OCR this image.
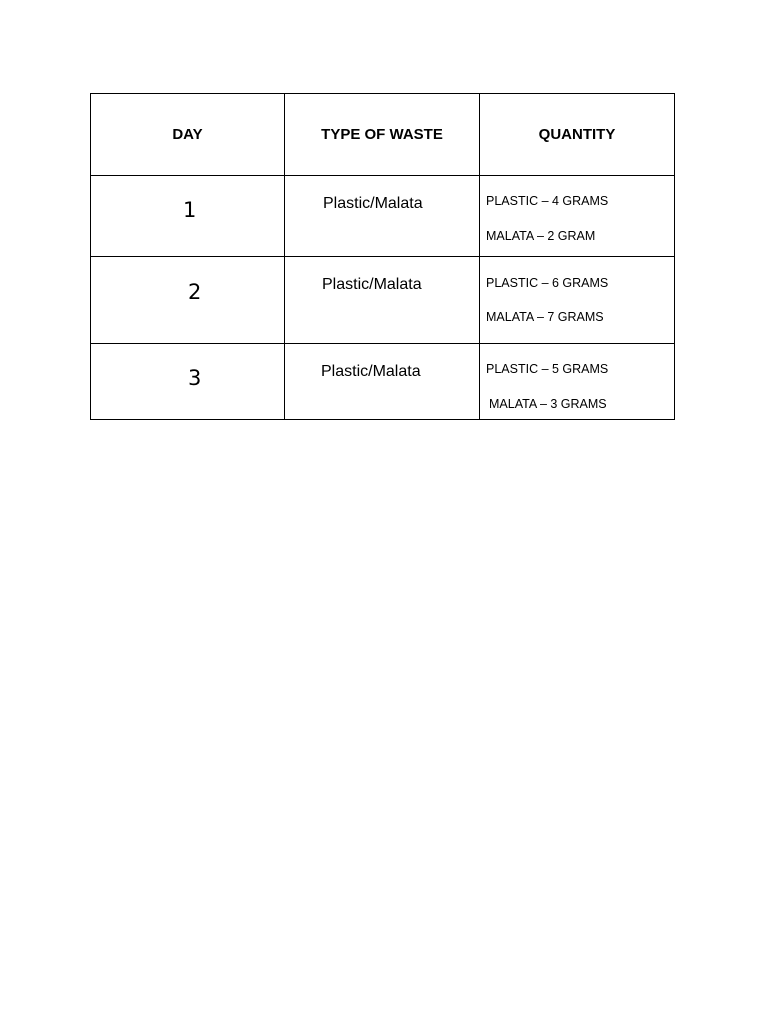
DAY	TYPE OF WASTE	QUANTITY

1	Plastic/Malata	PLASTIC – 4 GRAMS
MALATA – 2 GRAM

2	Plastic/Malata	PLASTIC – 6 GRAMS
MALATA – 7 GRAMS

3	Plastic/Malata	PLASTIC – 5 GRAMS
MALATA – 3 GRAMS
